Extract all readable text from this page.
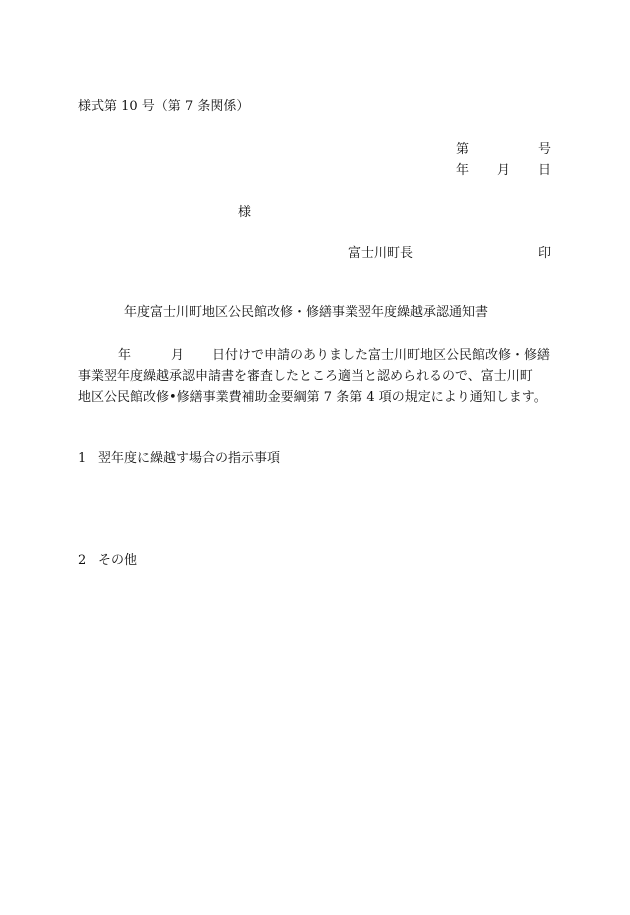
様式第 10 号（第 7 条関係）
第	号
年 月 日
様
富士川町長	印
年度富士川町地区公民館改修・修繕事業翌年度繰越承認通知書
年	月 日付けで申請のありました富士川町地区公民館改修・修繕
事業翌年度繰越承認申請書を審査したところ適当と認められるので、富士川町
地区公民館改修•修繕事業費補助金要綱第 7 条第 4 項の規定により通知します。
1 翌年度に繰越す場合の指示事項
2 その他
